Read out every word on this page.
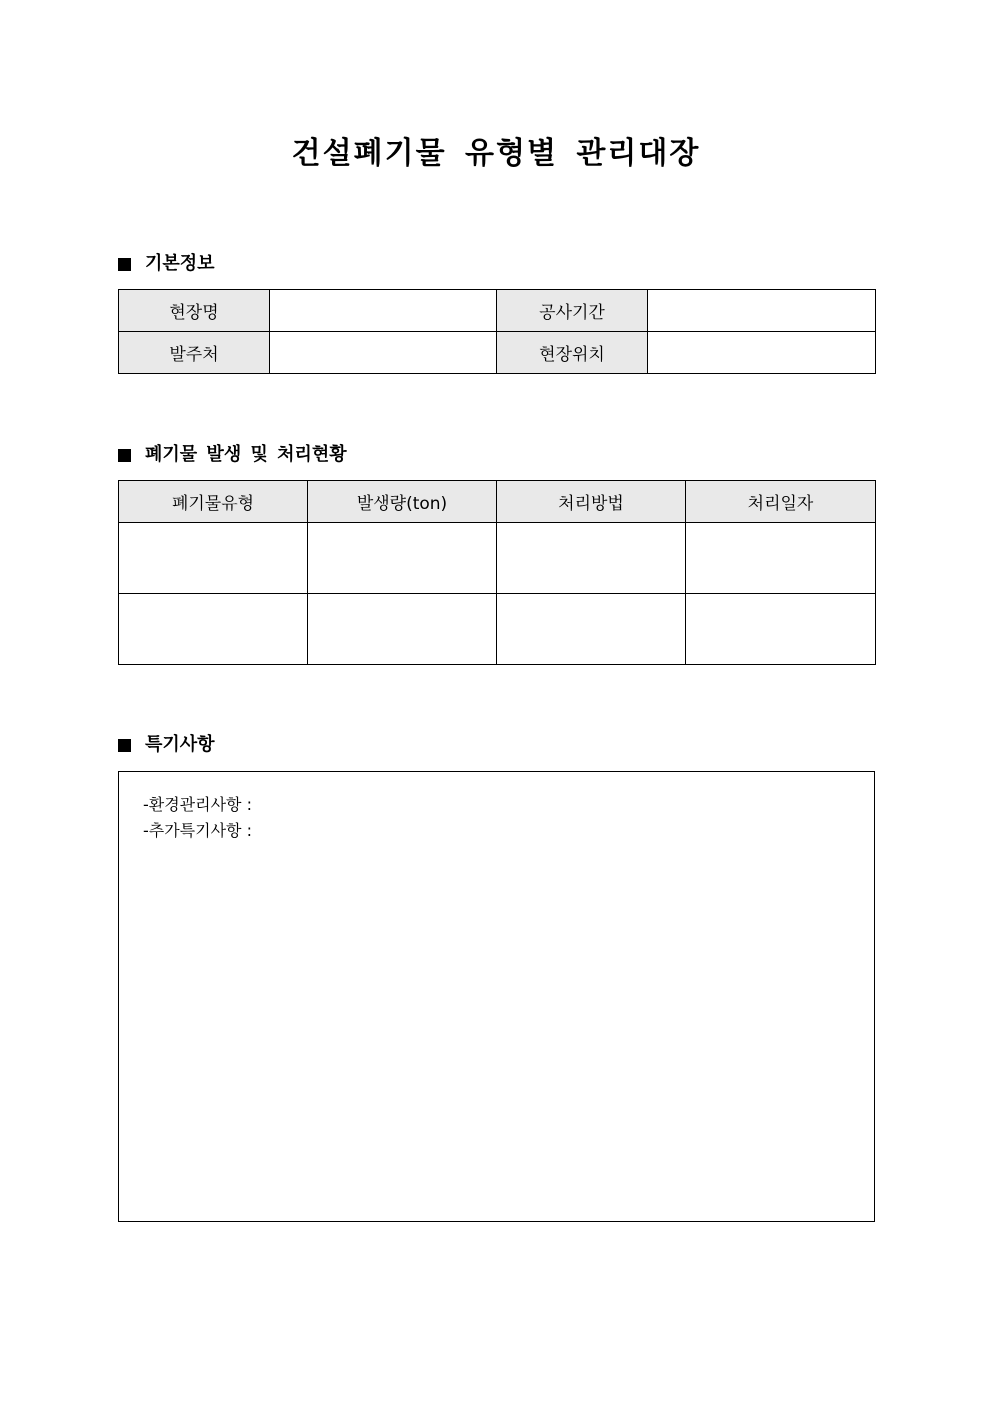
건설폐기물 유형별 관리대장
기본정보
현장명		공사기간	
발주처		현장위치	
폐기물 발생 및 처리현황
폐기물유형	발생량(ton)	처리방법	처리일자

특기사항
-환경관리사항 :
-추가특기사항 :
